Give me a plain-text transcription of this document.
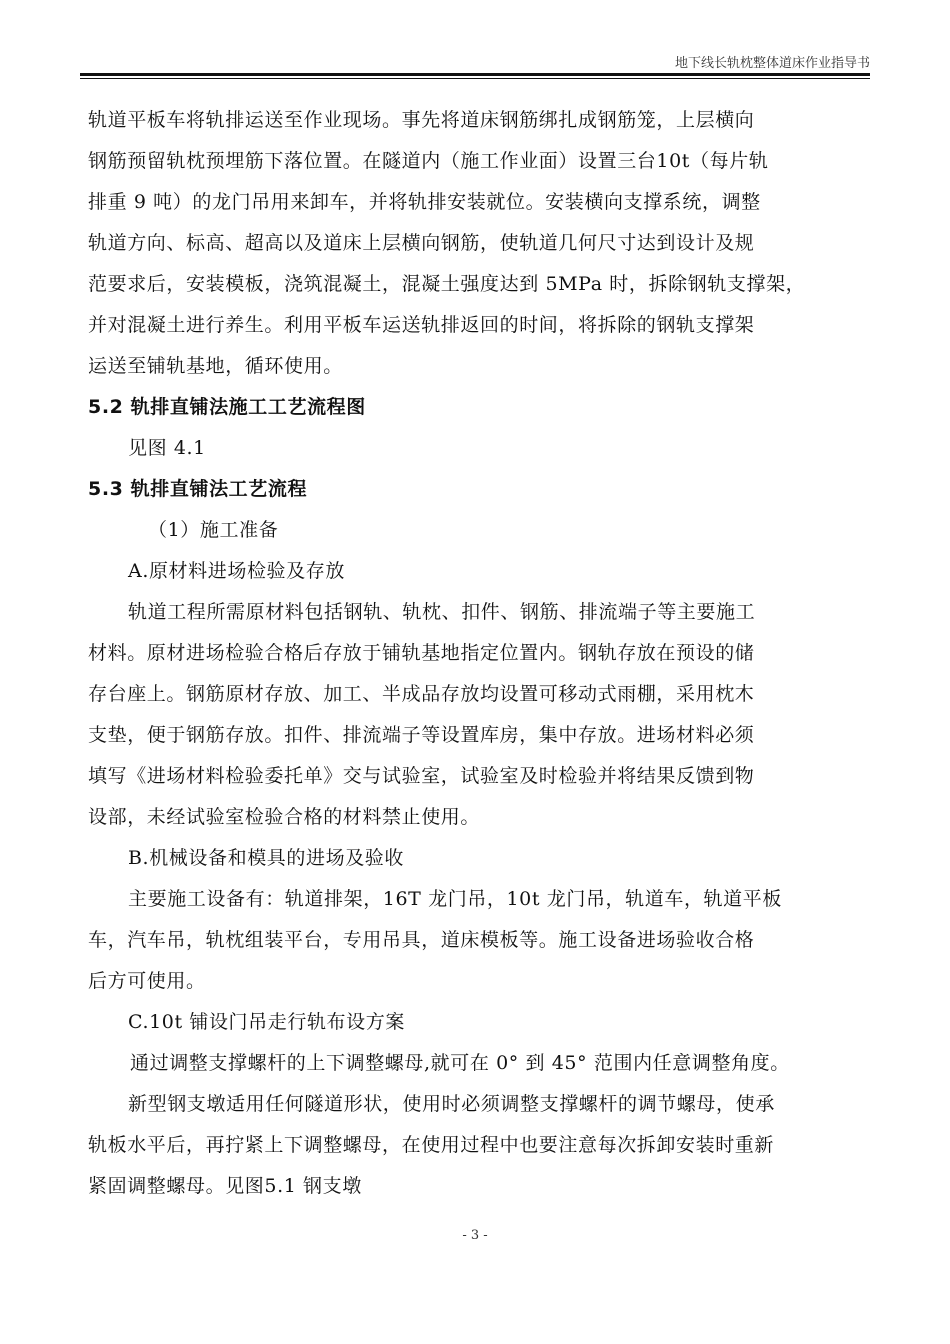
地下线长轨枕整体道床作业指导书

轨道平板车将轨排运送至作业现场。事先将道床钢筋绑扎成钢筋笼，上层横向

钢筋预留轨枕预埋筋下落位置。在隧道内（施工作业面）设置三台10t（每片轨

排重 9 吨）的龙门吊用来卸车，并将轨排安装就位。安装横向支撑系统，调整

轨道方向、标高、超高以及道床上层横向钢筋，使轨道几何尺寸达到设计及规

范要求后，安装模板，浇筑混凝土，混凝土强度达到 5MPa 时，拆除钢轨支撑架，

并对混凝土进行养生。利用平板车运送轨排返回的时间，将拆除的钢轨支撑架

运送至铺轨基地，循环使用。

5.2 轨排直铺法施工工艺流程图

见图 4.1

5.3 轨排直铺法工艺流程

（1）施工准备

A.原材料进场检验及存放

轨道工程所需原材料包括钢轨、轨枕、扣件、钢筋、排流端子等主要施工

材料。原材进场检验合格后存放于铺轨基地指定位置内。钢轨存放在预设的储

存台座上。钢筋原材存放、加工、半成品存放均设置可移动式雨棚，采用枕木

支垫，便于钢筋存放。扣件、排流端子等设置库房，集中存放。进场材料必须

填写《进场材料检验委托单》交与试验室，试验室及时检验并将结果反馈到物

设部，未经试验室检验合格的材料禁止使用。

B.机械设备和模具的进场及验收

主要施工设备有：轨道排架，16T 龙门吊，10t 龙门吊，轨道车，轨道平板

车，汽车吊，轨枕组装平台，专用吊具，道床模板等。施工设备进场验收合格

后方可使用。

C.10t 铺设门吊走行轨布设方案

通过调整支撑螺杆的上下调整螺母,就可在 0° 到 45° 范围内任意调整角度。

新型钢支墩适用任何隧道形状，使用时必须调整支撑螺杆的调节螺母，使承

轨板水平后，再拧紧上下调整螺母，在使用过程中也要注意每次拆卸安装时重新

紧固调整螺母。见图5.1 钢支墩

- 3 -
